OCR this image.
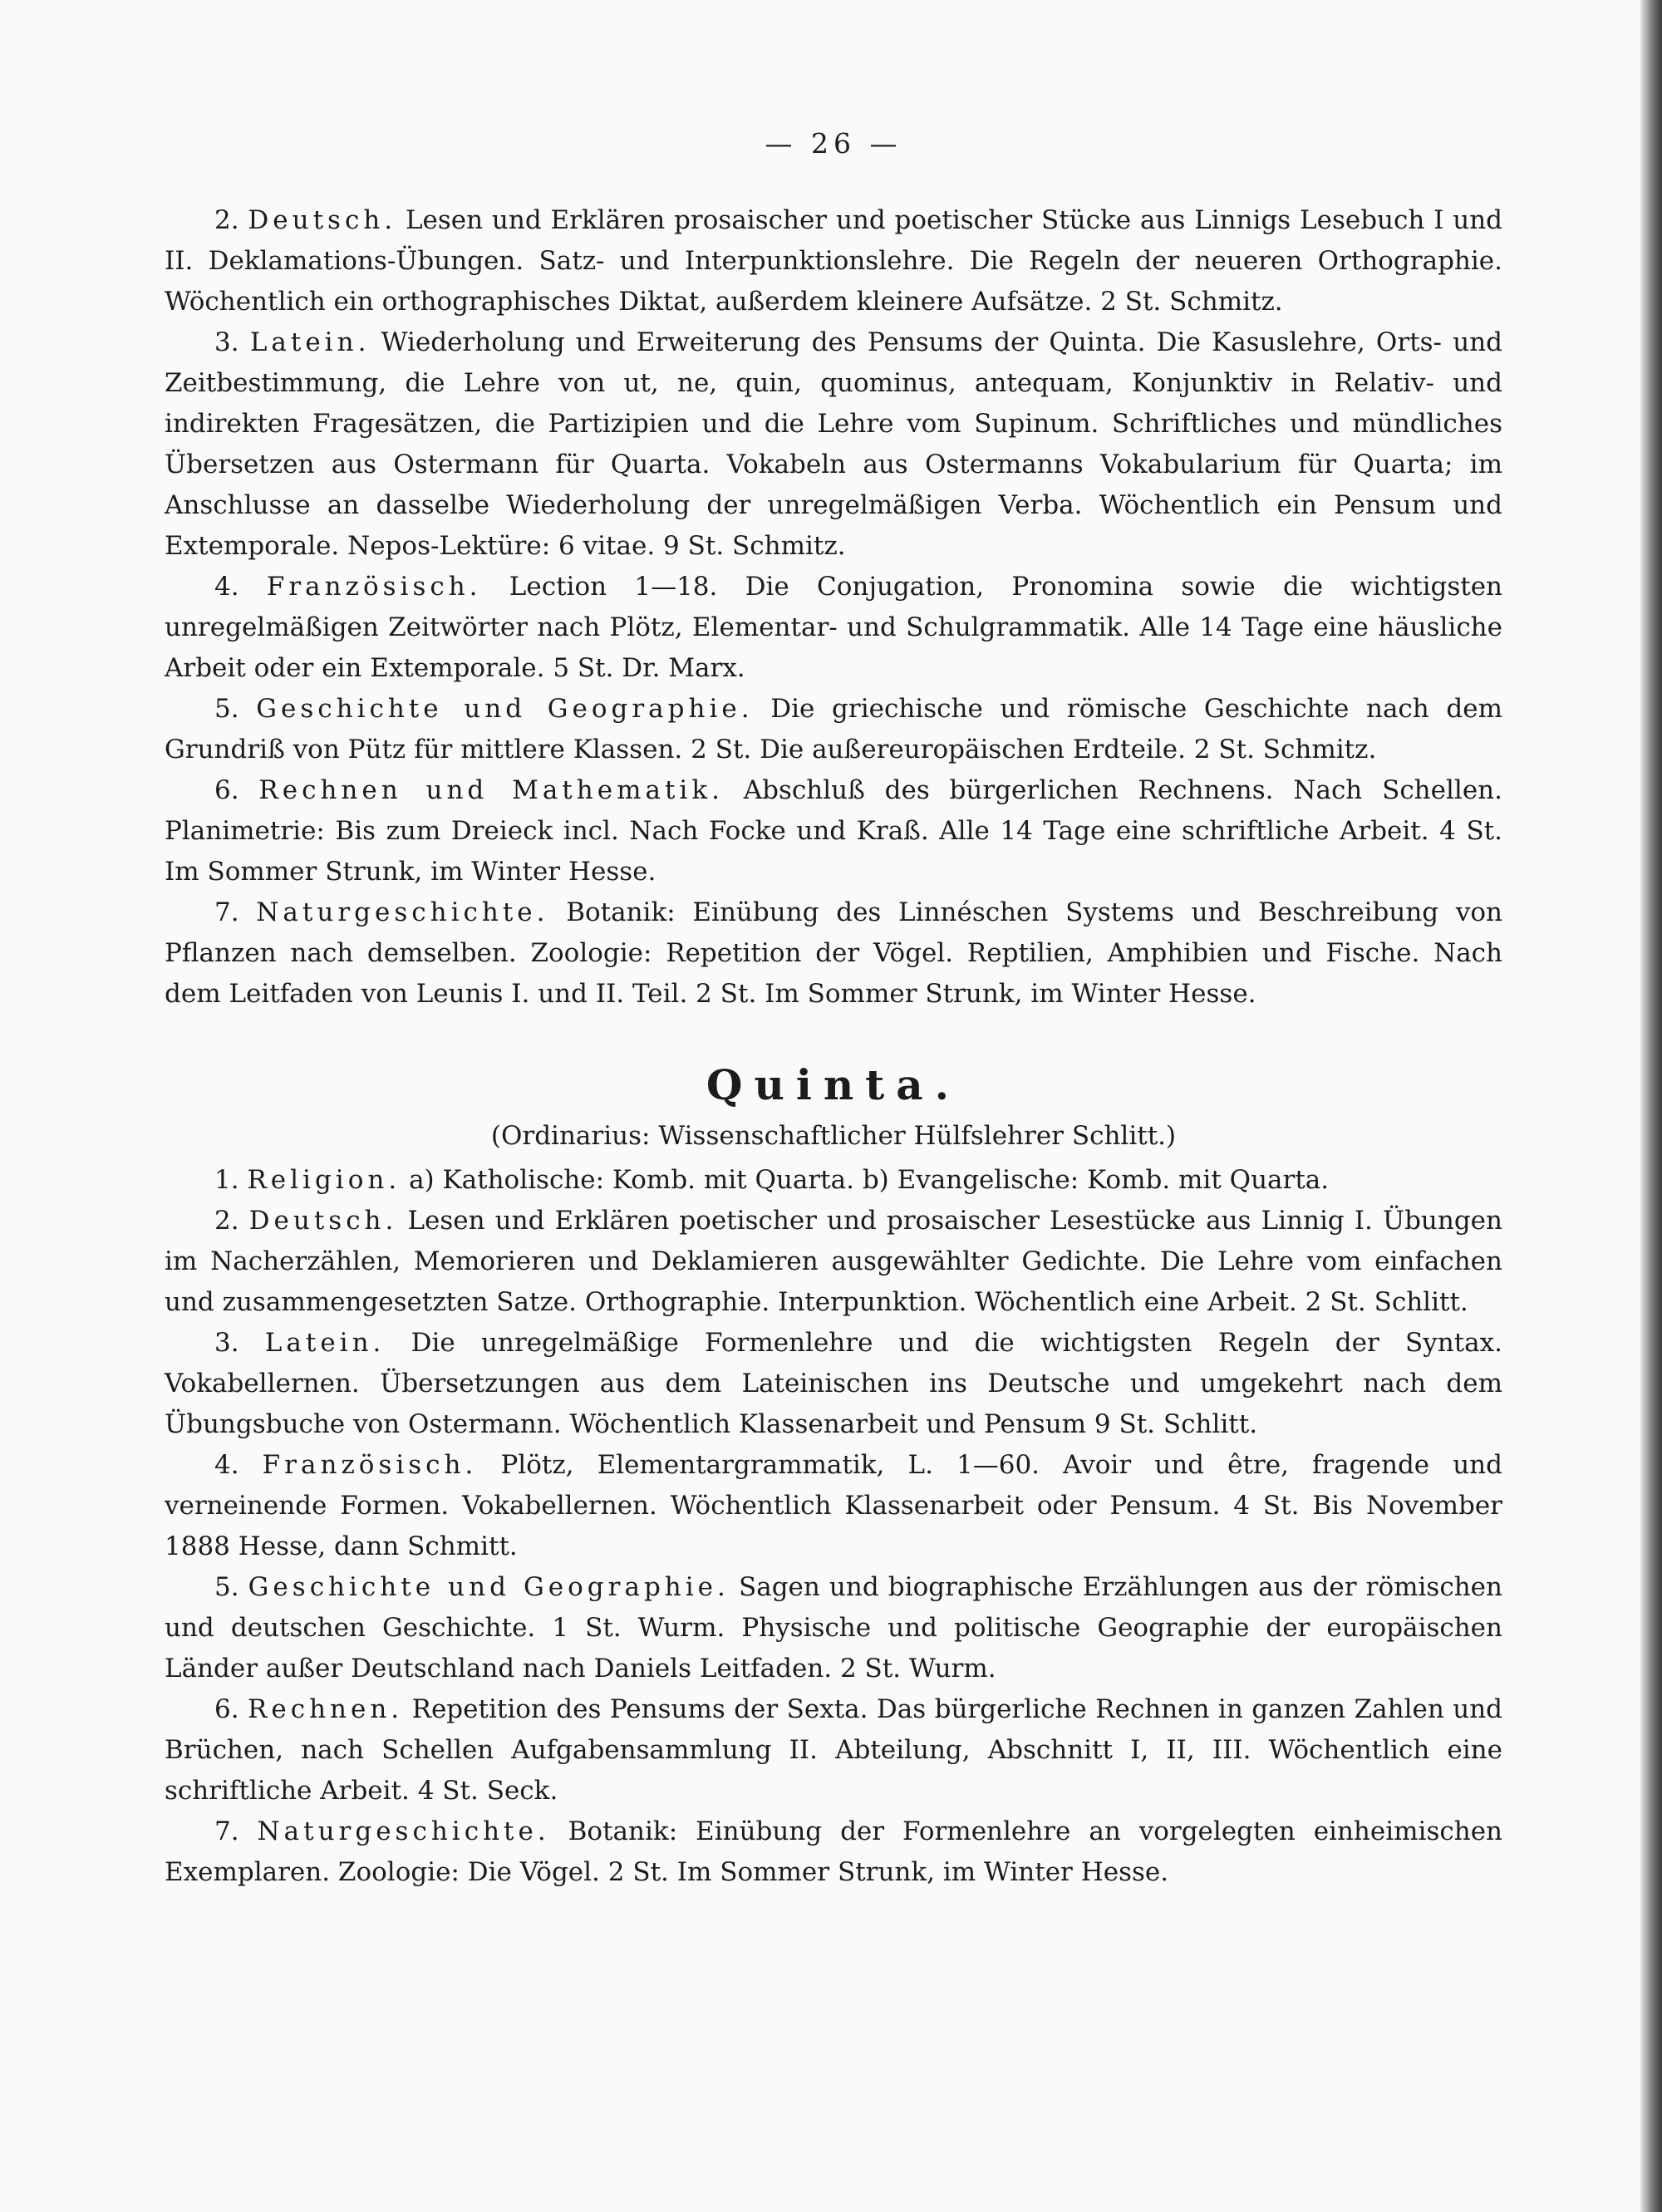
— 26 —

2. Deutsch. Lesen und Erklären prosaischer und poetischer Stücke aus Linnigs Lesebuch I und II. Deklamations-Übungen. Satz- und Interpunktionslehre. Die Regeln der neueren Orthographie. Wöchentlich ein orthographisches Diktat, außerdem kleinere Aufsätze. 2 St. Schmitz.

3. Latein. Wiederholung und Erweiterung des Pensums der Quinta. Die Kasuslehre, Orts- und Zeitbestimmung, die Lehre von ut, ne, quin, quominus, antequam, Konjunktiv in Relativ- und indirekten Fragesätzen, die Partizipien und die Lehre vom Supinum. Schriftliches und mündliches Übersetzen aus Ostermann für Quarta. Vokabeln aus Ostermanns Vokabularium für Quarta; im Anschlusse an dasselbe Wiederholung der unregelmäßigen Verba. Wöchentlich ein Pensum und Extemporale. Nepos-Lektüre: 6 vitae. 9 St. Schmitz.

4. Französisch. Lection 1—18. Die Conjugation, Pronomina sowie die wichtigsten unregelmäßigen Zeitwörter nach Plötz, Elementar- und Schulgrammatik. Alle 14 Tage eine häusliche Arbeit oder ein Extemporale. 5 St. Dr. Marx.

5. Geschichte und Geographie. Die griechische und römische Geschichte nach dem Grundriß von Pütz für mittlere Klassen. 2 St. Die außereuropäischen Erdteile. 2 St. Schmitz.

6. Rechnen und Mathematik. Abschluß des bürgerlichen Rechnens. Nach Schellen. Planimetrie: Bis zum Dreieck incl. Nach Focke und Kraß. Alle 14 Tage eine schriftliche Arbeit. 4 St. Im Sommer Strunk, im Winter Hesse.

7. Naturgeschichte. Botanik: Einübung des Linnéschen Systems und Beschreibung von Pflanzen nach demselben. Zoologie: Repetition der Vögel. Reptilien, Amphibien und Fische. Nach dem Leitfaden von Leunis I. und II. Teil. 2 St. Im Sommer Strunk, im Winter Hesse.

Quinta.
(Ordinarius: Wissenschaftlicher Hülfslehrer Schlitt.)

1. Religion. a) Katholische: Komb. mit Quarta. b) Evangelische: Komb. mit Quarta.

2. Deutsch. Lesen und Erklären poetischer und prosaischer Lesestücke aus Linnig I. Übungen im Nacherzählen, Memorieren und Deklamieren ausgewählter Gedichte. Die Lehre vom einfachen und zusammengesetzten Satze. Orthographie. Interpunktion. Wöchentlich eine Arbeit. 2 St. Schlitt.

3. Latein. Die unregelmäßige Formenlehre und die wichtigsten Regeln der Syntax. Vokabellernen. Übersetzungen aus dem Lateinischen ins Deutsche und umgekehrt nach dem Übungsbuche von Ostermann. Wöchentlich Klassenarbeit und Pensum 9 St. Schlitt.

4. Französisch. Plötz, Elementargrammatik, L. 1—60. Avoir und être, fragende und verneinende Formen. Vokabellernen. Wöchentlich Klassenarbeit oder Pensum. 4 St. Bis November 1888 Hesse, dann Schmitt.

5. Geschichte und Geographie. Sagen und biographische Erzählungen aus der römischen und deutschen Geschichte. 1 St. Wurm. Physische und politische Geographie der europäischen Länder außer Deutschland nach Daniels Leitfaden. 2 St. Wurm.

6. Rechnen. Repetition des Pensums der Sexta. Das bürgerliche Rechnen in ganzen Zahlen und Brüchen, nach Schellen Aufgabensammlung II. Abteilung, Abschnitt I, II, III. Wöchentlich eine schriftliche Arbeit. 4 St. Seck.

7. Naturgeschichte. Botanik: Einübung der Formenlehre an vorgelegten einheimischen Exemplaren. Zoologie: Die Vögel. 2 St. Im Sommer Strunk, im Winter Hesse.
